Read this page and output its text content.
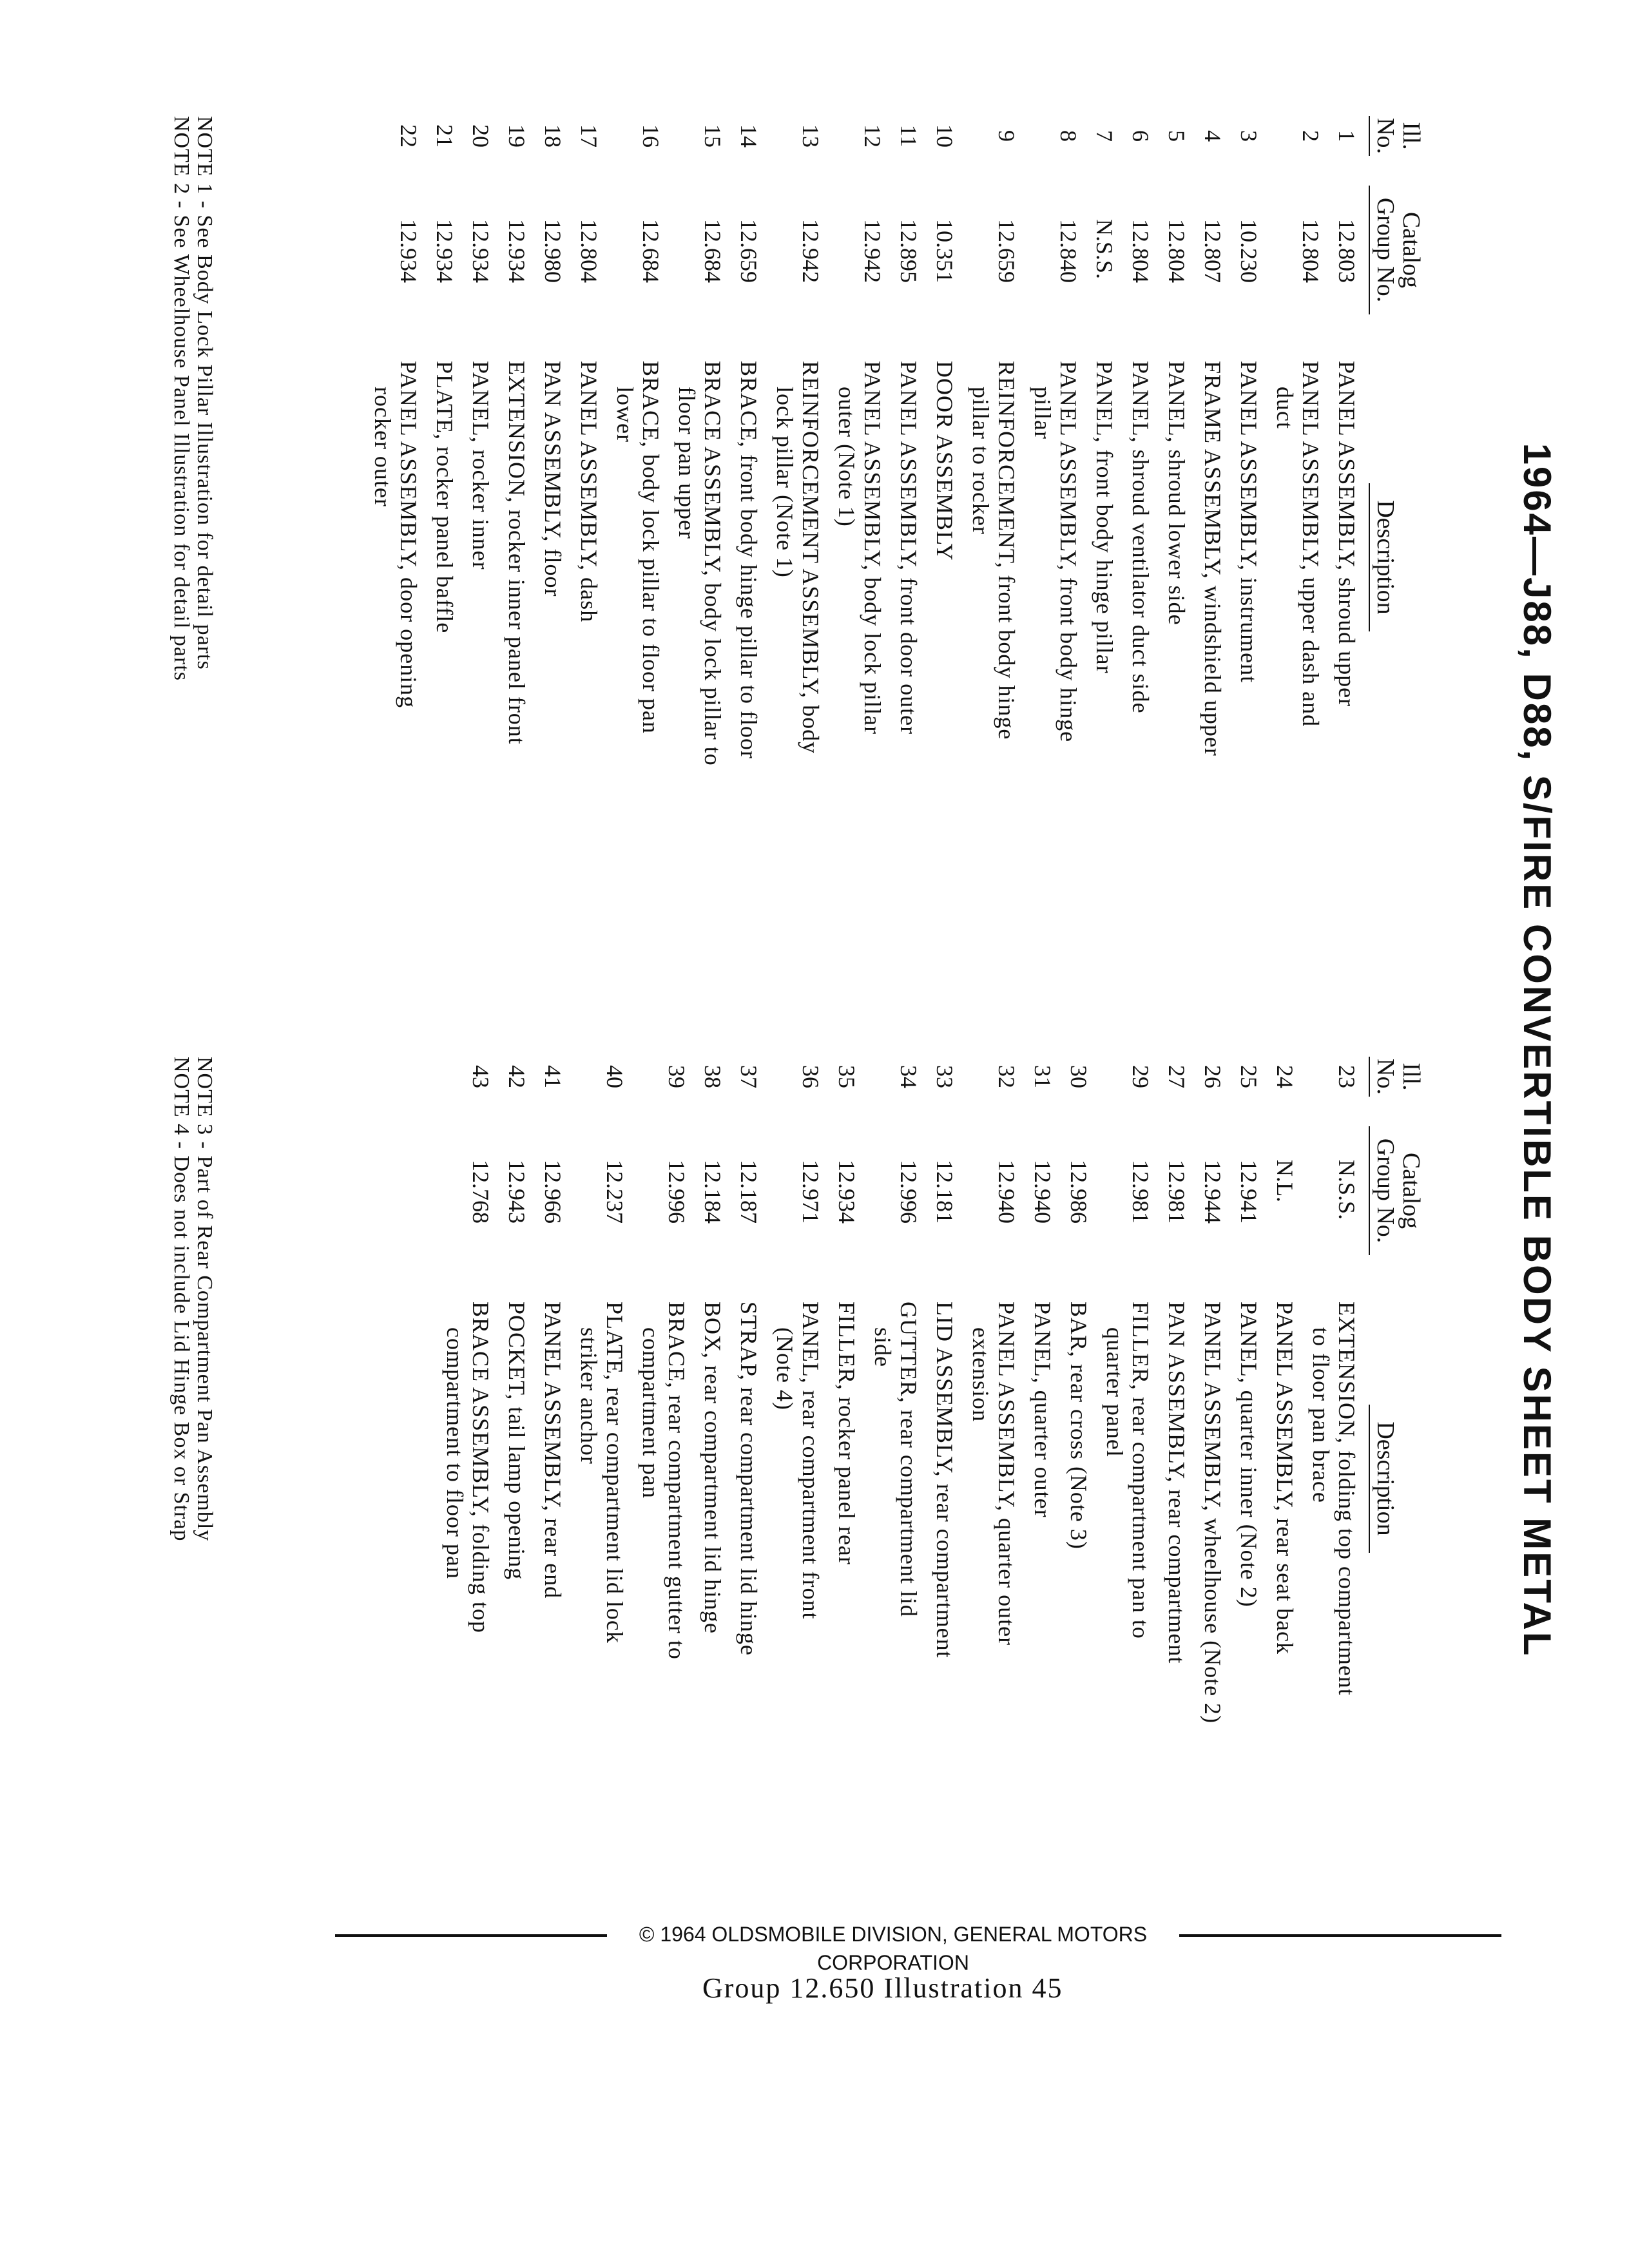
1964—J88, D88, S/FIRE CONVERTIBLE BODY SHEET METAL
Ill. No.
Catalog Group No.
Description
1
12.803
PANEL ASSEMBLY, shroud upper
2
12.804
PANEL ASSEMBLY, upper dash and
duct
3
10.230
PANEL ASSEMBLY, instrument
4
12.807
FRAME ASSEMBLY, windshield upper
5
12.804
PANEL, shroud lower side
6
12.804
PANEL, shroud ventilator duct side
7
N.S.S.
PANEL, front body hinge pillar
8
12.840
PANEL ASSEMBLY, front body hinge
pillar
9
12.659
REINFORCEMENT, front body hinge
pillar to rocker
10
10.351
DOOR ASSEMBLY
11
12.895
PANEL ASSEMBLY, front door outer
12
12.942
PANEL ASSEMBLY, body lock pillar
outer (Note 1)
13
12.942
REINFORCEMENT ASSEMBLY, body
lock pillar (Note 1)
14
12.659
BRACE, front body hinge pillar to floor
15
12.684
BRACE ASSEMBLY, body lock pillar to
floor pan upper
16
12.684
BRACE, body lock pillar to floor pan
lower
17
12.804
PANEL ASSEMBLY, dash
18
12.980
PAN ASSEMBLY, floor
19
12.934
EXTENSION, rocker inner panel front
20
12.934
PANEL, rocker inner
21
12.934
PLATE, rocker panel baffle
22
12.934
PANEL ASSEMBLY, door opening
rocker outer
Ill. No.
Catalog Group No.
Description
23
N.S.S.
EXTENSION, folding top compartment
to floor pan brace
24
N.L.
PANEL ASSEMBLY, rear seat back
25
12.941
PANEL, quarter inner (Note 2)
26
12.944
PANEL ASSEMBLY, wheelhouse (Note 2)
27
12.981
PAN ASSEMBLY, rear compartment
29
12.981
FILLER, rear compartment pan to
quarter panel
30
12.986
BAR, rear cross (Note 3)
31
12.940
PANEL, quarter outer
32
12.940
PANEL ASSEMBLY, quarter outer
extension
33
12.181
LID ASSEMBLY, rear compartment
34
12.996
GUTTER, rear compartment lid
side
35
12.934
FILLER, rocker panel rear
36
12.971
PANEL, rear compartment front
(Note 4)
37
12.187
STRAP, rear compartment lid hinge
38
12.184
BOX, rear compartment lid hinge
39
12.996
BRACE, rear compartment gutter to
compartment pan
40
12.237
PLATE, rear compartment lid lock
striker anchor
41
12.966
PANEL ASSEMBLY, rear end
42
12.943
POCKET, tail lamp opening
43
12.768
BRACE ASSEMBLY, folding top
compartment to floor pan
NOTE 1 - See Body Lock Pillar Illustration for detail parts
NOTE 2 - See Wheelhouse Panel Illustration for detail parts
NOTE 3 - Part of Rear Compartment Pan Assembly
NOTE 4 - Does not include Lid Hinge Box or Strap
© 1964 OLDSMOBILE DIVISION, GENERAL MOTORS CORPORATION
Group 12.650 Illustration 45
